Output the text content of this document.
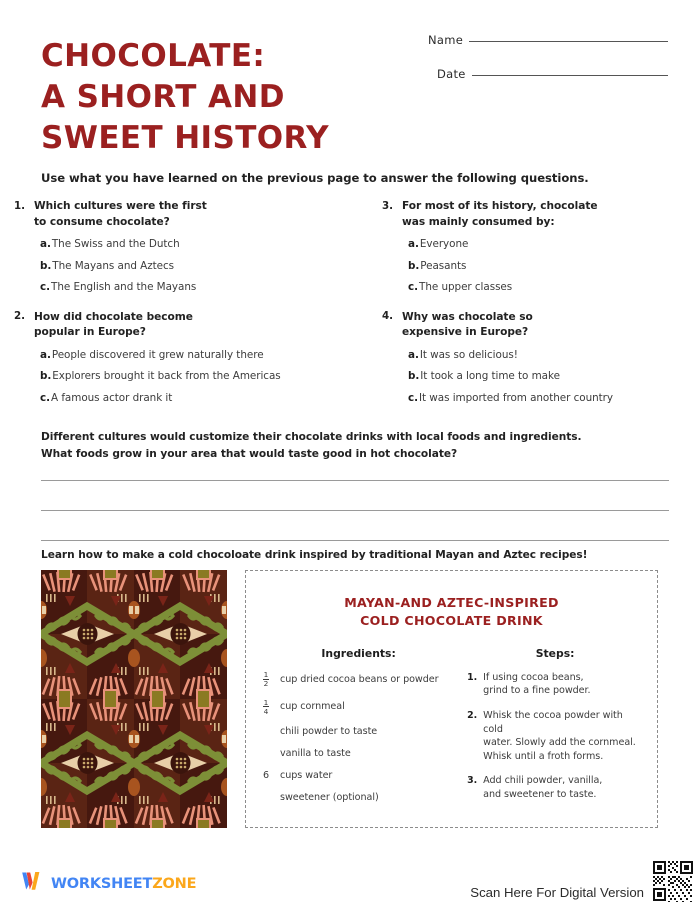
CHOCOLATE:
A SHORT AND
SWEET HISTORY
Name
Date
Use what you have learned on the previous page to answer the following questions.
1. Which cultures were the first
to consume chocolate?
a.The Swiss and the Dutch
b.The Mayans and Aztecs
c.The English and the Mayans
2. How did chocolate become
popular in Europe?
a.People discovered it grew naturally there
b.Explorers brought it back from the Americas
c.A famous actor drank it
3. For most of its history, chocolate
was mainly consumed by:
a.Everyone
b.Peasants
c.The upper classes
4. Why was chocolate so
expensive in Europe?
a.It was so delicious!
b.It took a long time to make
c.It was imported from another country
Different cultures would customize their chocolate drinks with local foods and ingredients.
What foods grow in your area that would taste good in hot chocolate?
Learn how to make a cold chocoloate drink inspired by traditional Mayan and Aztec recipes!
MAYAN-AND AZTEC-INSPIRED
COLD CHOCOLATE DRINK
Ingredients:
$\frac{1}{2}$	cup dried cocoa beans or powder
$\frac{1}{4}$	cup cornmeal
chili powder to taste
vanilla to taste
6	cups water
sweetener (optional)
Steps:
1. If using cocoa beans,
grind to a fine powder.
2. Whisk the cocoa powder with cold
water. Slowly add the cornmeal.
Whisk until a froth forms.
3. Add chili powder, vanilla,
and sweetener to taste.
WORKSHEETZONE
Scan Here For Digital Version
